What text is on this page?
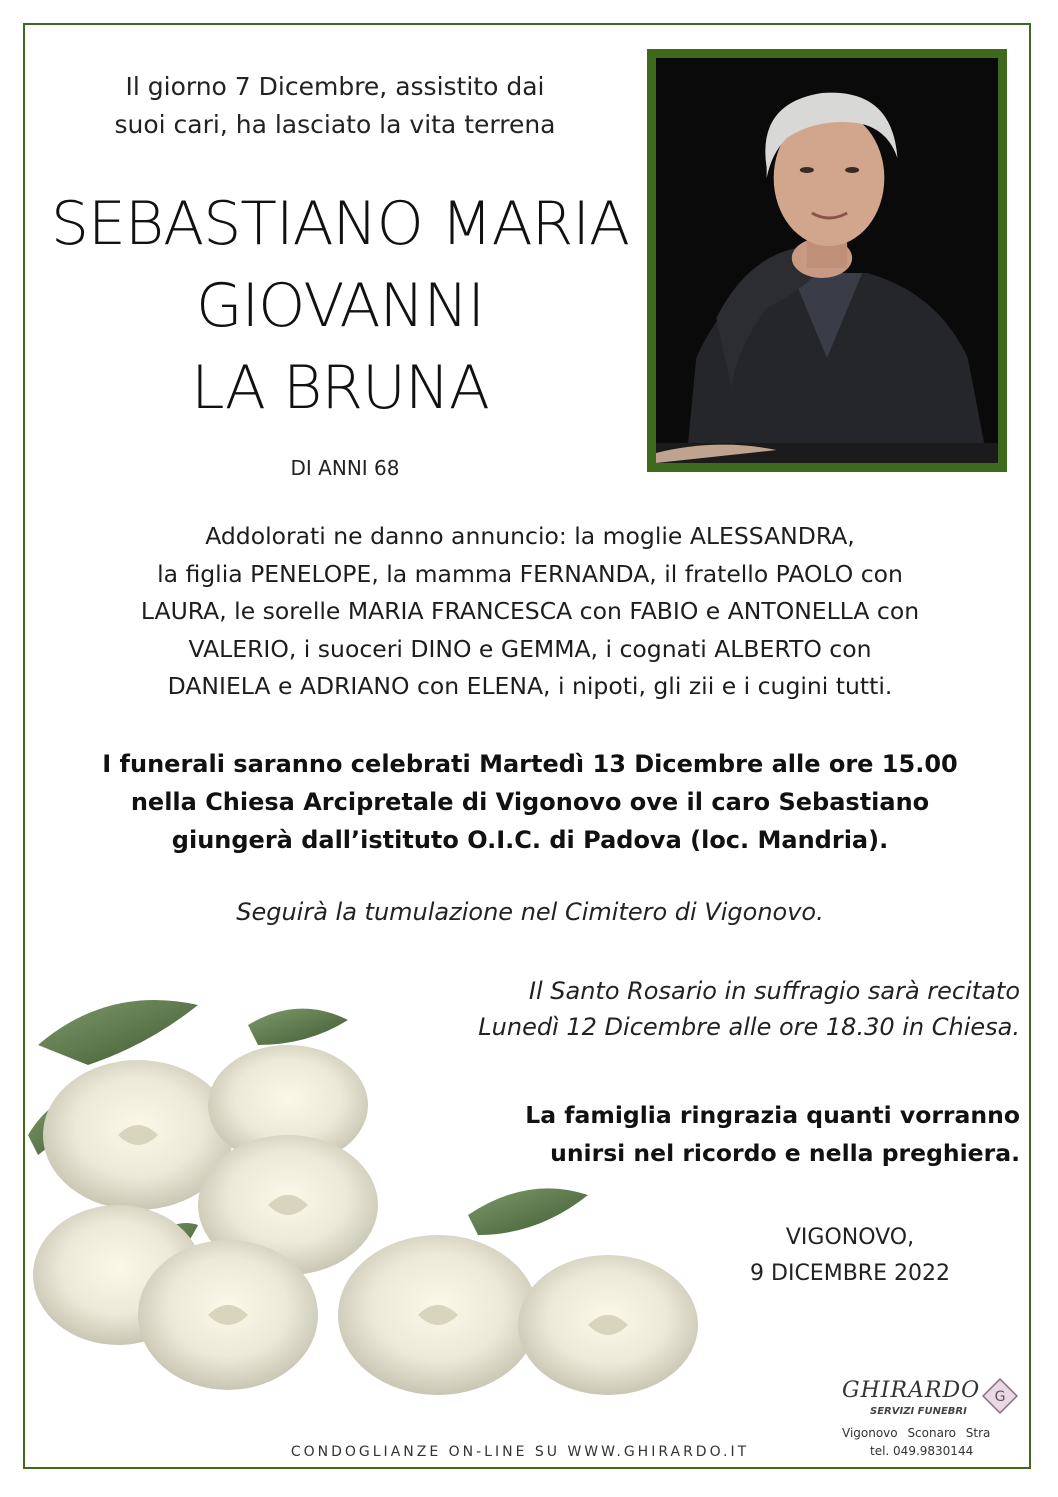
Il giorno 7 Dicembre, assistito dai
suoi cari, ha lasciato la vita terrena
SEBASTIANO MARIA
GIOVANNI
LA BRUNA
DI ANNI 68
Addolorati ne danno annuncio: la moglie ALESSANDRA,
la figlia PENELOPE, la mamma FERNANDA, il fratello PAOLO con
LAURA, le sorelle MARIA FRANCESCA con FABIO e ANTONELLA con
VALERIO, i suoceri DINO e GEMMA, i cognati ALBERTO con
DANIELA e ADRIANO con ELENA, i nipoti, gli zii e i cugini tutti.
I funerali saranno celebrati Martedì 13 Dicembre alle ore 15.00
nella Chiesa Arcipretale di Vigonovo ove il caro Sebastiano
giungerà dall’istituto O.I.C. di Padova (loc. Mandria).
Seguirà la tumulazione nel Cimitero di Vigonovo.
Il Santo Rosario in suffragio sarà recitato
Lunedì 12 Dicembre alle ore 18.30 in Chiesa.
La famiglia ringrazia quanti vorranno
unirsi nel ricordo e nella preghiera.
VIGONOVO,
9 DICEMBRE 2022
CONDOGLIANZE ON-LINE SU WWW.GHIRARDO.IT
GHIRARDO
SERVIZI FUNEBRI
G
Vigonovo Sconaro Stra
tel. 049.9830144
